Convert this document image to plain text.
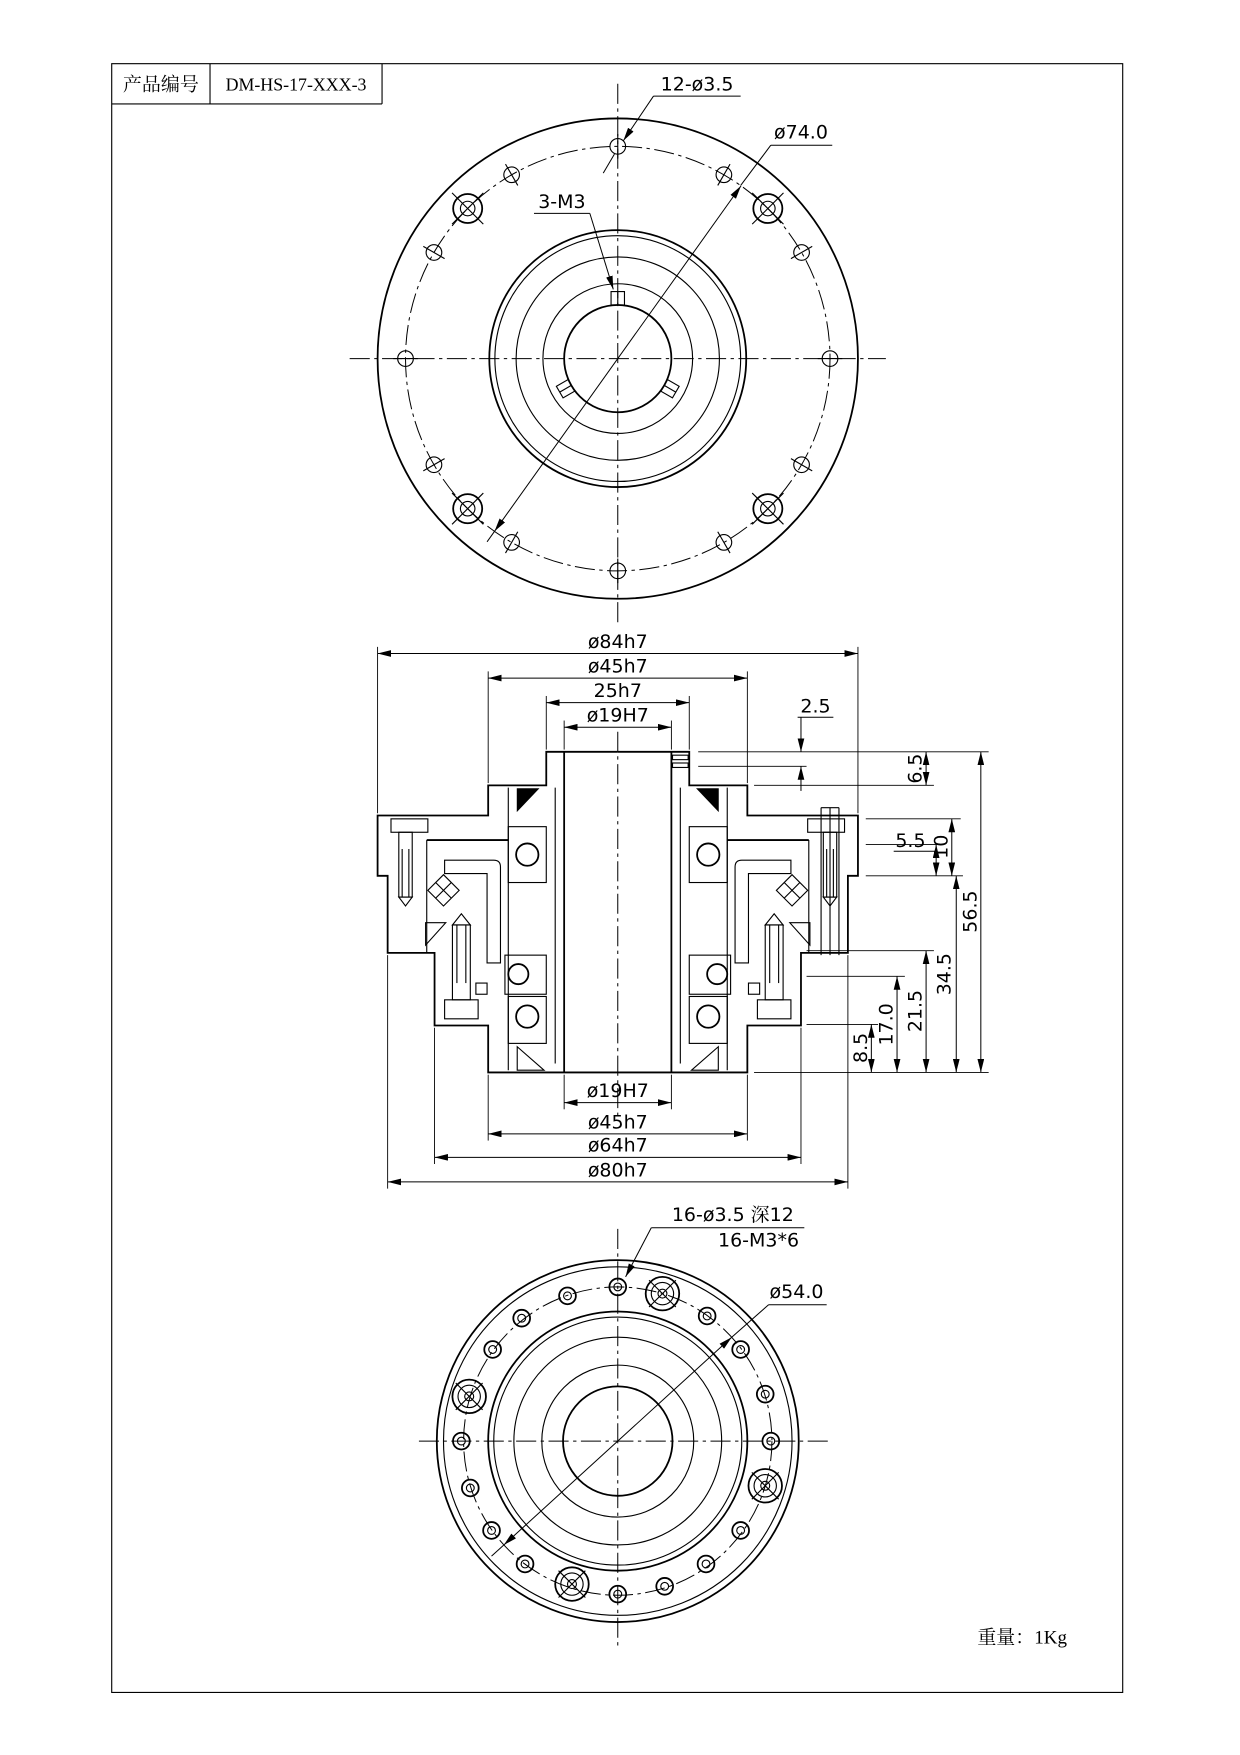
产品编号 DM-HS-17-XXX-3	12-ø3.5
ø74.0
3-M3
ø84h7
ø45h7
25h7
ø19H7
ø19H7
ø45h7
ø64h7
ø80h7
2.5
6.5
5.5 10
56.5
34.5
21.5
17.0
8.5
16-ø3.5 深12
16-M3*6
ø54.0
重量：1Kg
